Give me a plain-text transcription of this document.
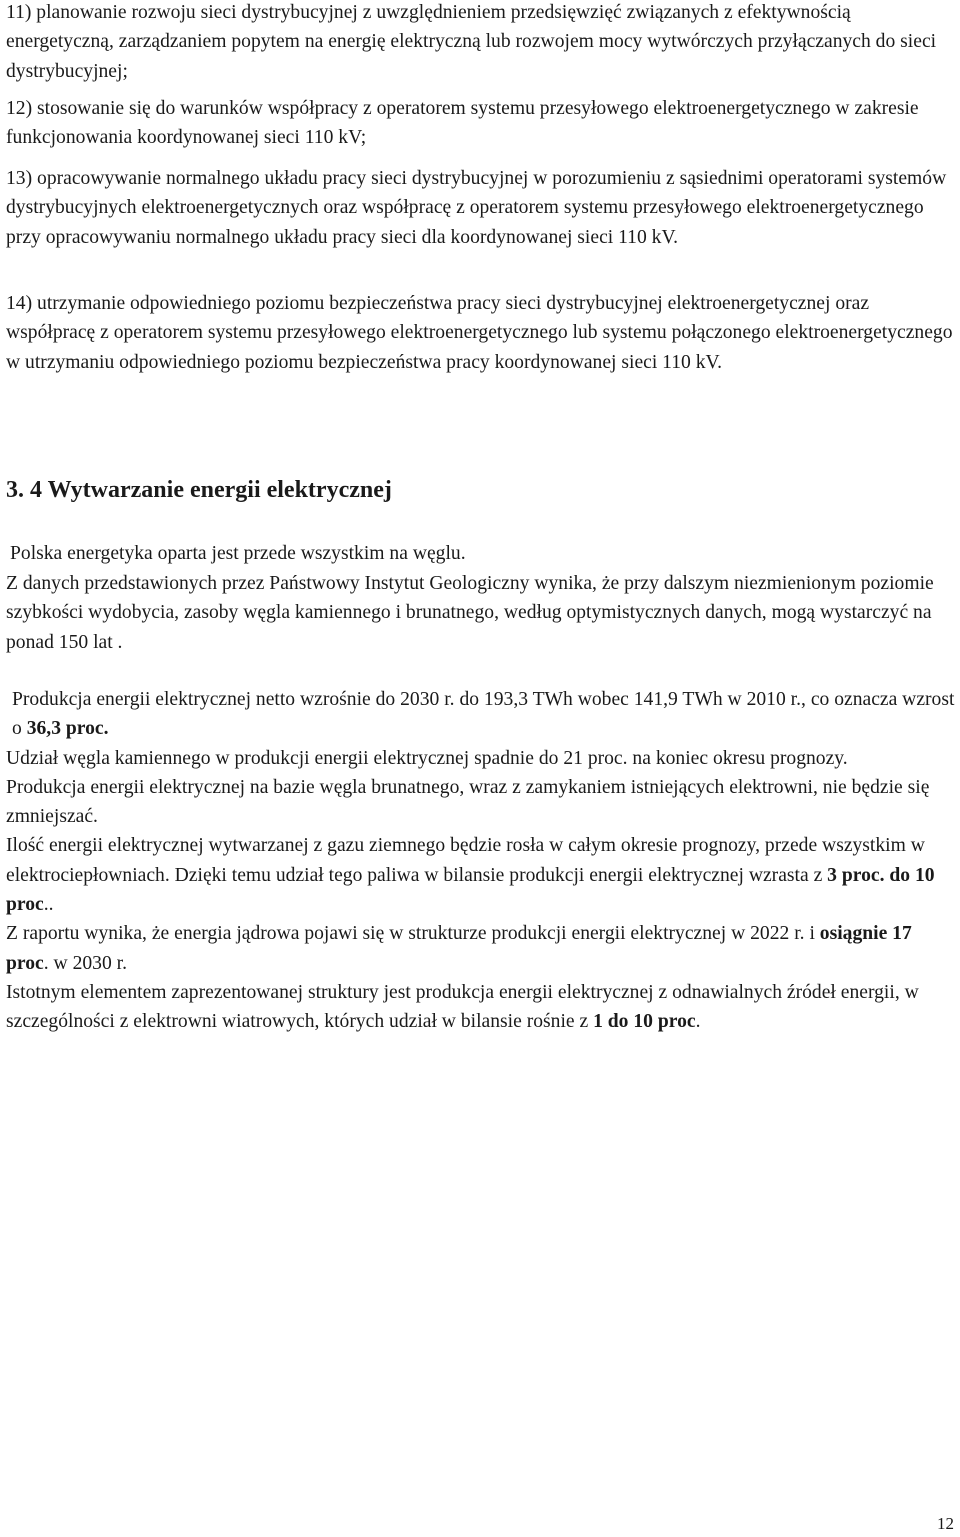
11) planowanie rozwoju sieci dystrybucyjnej z uwzględnieniem przedsięwzięć związanych z efektywnością energetyczną, zarządzaniem popytem na energię elektryczną lub rozwojem mocy wytwórczych przyłączanych do sieci dystrybucyjnej;

12) stosowanie się do warunków współpracy z operatorem systemu przesyłowego elektroenergetycznego w zakresie funkcjonowania koordynowanej sieci 110 kV;

13) opracowywanie normalnego układu pracy sieci dystrybucyjnej w porozumieniu z sąsiednimi operatorami systemów dystrybucyjnych elektroenergetycznych oraz współpracę z operatorem systemu przesyłowego elektroenergetycznego przy opracowywaniu normalnego układu pracy sieci dla koordynowanej sieci 110 kV.

14) utrzymanie odpowiedniego poziomu bezpieczeństwa pracy sieci dystrybucyjnej elektroenergetycznej oraz współpracę z operatorem systemu przesyłowego elektroenergetycznego lub systemu połączonego elektroenergetycznego w utrzymaniu odpowiedniego poziomu bezpieczeństwa pracy koordynowanej sieci 110 kV.

3. 4 Wytwarzanie energii elektrycznej

Polska energetyka oparta jest przede wszystkim na węglu.

Z danych przedstawionych przez Państwowy Instytut Geologiczny wynika, że przy dalszym niezmienionym poziomie szybkości wydobycia, zasoby węgla kamiennego i brunatnego, według optymistycznych danych, mogą wystarczyć na ponad 150 lat .

Produkcja energii elektrycznej netto wzrośnie do 2030 r. do 193,3 TWh wobec 141,9 TWh w 2010 r., co oznacza wzrost o 36,3 proc.
Udział węgla kamiennego w produkcji energii elektrycznej spadnie do 21 proc. na koniec okresu prognozy.
Produkcja energii elektrycznej na bazie węgla brunatnego, wraz z zamykaniem istniejących elektrowni, nie będzie się zmniejszać.
Ilość energii elektrycznej wytwarzanej z gazu ziemnego będzie rosła w całym okresie prognozy, przede wszystkim w elektrociepłowniach. Dzięki temu udział tego paliwa w bilansie produkcji energii elektrycznej wzrasta z 3 proc. do 10 proc..
Z raportu wynika, że energia jądrowa pojawi się w strukturze produkcji energii elektrycznej w 2022 r. i osiągnie 17 proc. w 2030 r.
Istotnym elementem zaprezentowanej struktury jest produkcja energii elektrycznej z odnawialnych źródeł energii, w szczególności z elektrowni wiatrowych, których udział w bilansie rośnie z 1 do 10 proc.
12
